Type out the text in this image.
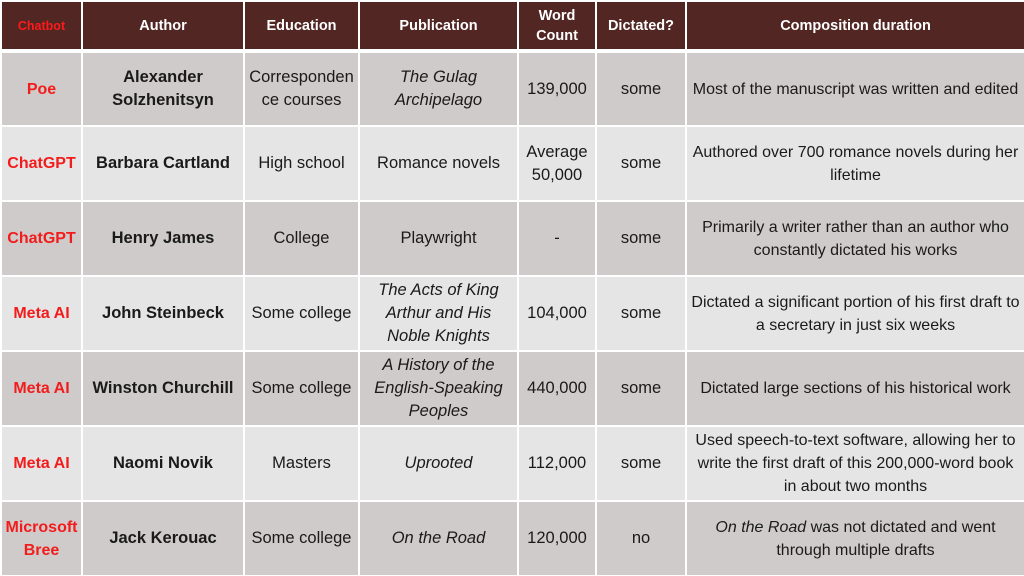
Chatbot	Author	Education	Publication	Word Count	Dictated?	Composition duration
Poe	Alexander Solzhenitsyn	Correspondence courses	The Gulag Archipelago	139,000	some	Most of the manuscript was written and edited
ChatGPT	Barbara Cartland	High school	Romance novels	Average 50,000	some	Authored over 700 romance novels during her lifetime
ChatGPT	Henry James	College	Playwright	-	some	Primarily a writer rather than an author who constantly dictated his works
Meta AI	John Steinbeck	Some college	The Acts of King Arthur and His Noble Knights	104,000	some	Dictated a significant portion of his first draft to a secretary in just six weeks
Meta AI	Winston Churchill	Some college	A History of the English-Speaking Peoples	440,000	some	Dictated large sections of his historical work
Meta AI	Naomi Novik	Masters	Uprooted	112,000	some	Used speech-to-text software, allowing her to write the first draft of this 200,000-word book in about two months
Microsoft Bree	Jack Kerouac	Some college	On the Road	120,000	no	On the Road was not dictated and went through multiple drafts
